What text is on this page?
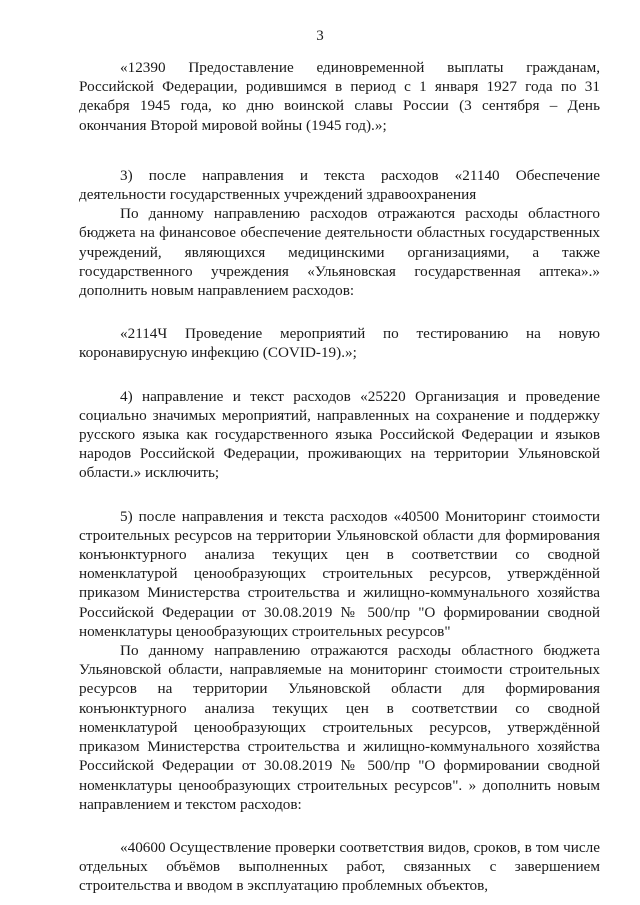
3

«12390 Предоставление единовременной выплаты гражданам, Российской Федерации, родившимся в период с 1 января 1927 года по 31 декабря 1945 года, ко дню воинской славы России (3 сентября – День окончания Второй мировой войны (1945 год).»;

3) после направления и текста расходов «21140 Обеспечение деятельности государственных учреждений здравоохранения

По данному направлению расходов отражаются расходы областного бюджета на финансовое обеспечение деятельности областных государственных учреждений, являющихся медицинскими организациями, а также государственного учреждения «Ульяновская государственная аптека».» дополнить новым направлением расходов:

«2114Ч Проведение мероприятий по тестированию на новую коронавирусную инфекцию (COVID-19).»;

4) направление и текст расходов «25220 Организация и проведение социально значимых мероприятий, направленных на сохранение и поддержку русского языка как государственного языка Российской Федерации и языков народов Российской Федерации, проживающих на территории Ульяновской области.» исключить;

5) после направления и текста расходов «40500 Мониторинг стоимости строительных ресурсов на территории Ульяновской области для формирования конъюнктурного анализа текущих цен в соответствии со сводной номенклатурой ценообразующих строительных ресурсов, утверждённой приказом Министерства строительства и жилищно-коммунального хозяйства Российской Федерации от 30.08.2019 № 500/пр "О формировании сводной номенклатуры ценообразующих строительных ресурсов"

По данному направлению отражаются расходы областного бюджета Ульяновской области, направляемые на мониторинг стоимости строительных ресурсов на территории Ульяновской области для формирования конъюнктурного анализа текущих цен в соответствии со сводной номенклатурой ценообразующих строительных ресурсов, утверждённой приказом Министерства строительства и жилищно-коммунального хозяйства Российской Федерации от 30.08.2019 № 500/пр "О формировании сводной номенклатуры ценообразующих строительных ресурсов". » дополнить новым направлением и текстом расходов:

«40600 Осуществление проверки соответствия видов, сроков, в том числе отдельных объёмов выполненных работ, связанных с завершением строительства и вводом в эксплуатацию проблемных объектов,
